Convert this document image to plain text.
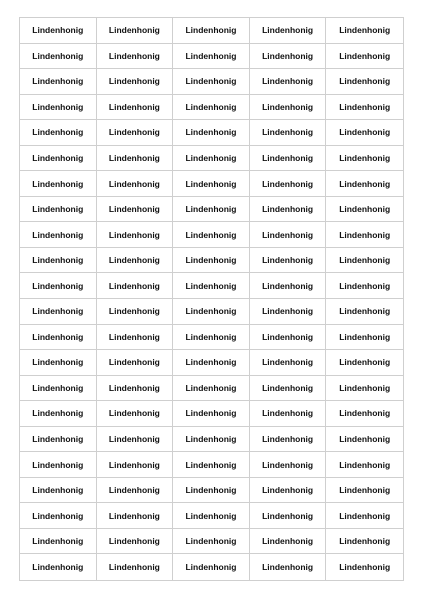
Lindenhonig	Lindenhonig	Lindenhonig	Lindenhonig	Lindenhonig
Lindenhonig	Lindenhonig	Lindenhonig	Lindenhonig	Lindenhonig
Lindenhonig	Lindenhonig	Lindenhonig	Lindenhonig	Lindenhonig
Lindenhonig	Lindenhonig	Lindenhonig	Lindenhonig	Lindenhonig
Lindenhonig	Lindenhonig	Lindenhonig	Lindenhonig	Lindenhonig
Lindenhonig	Lindenhonig	Lindenhonig	Lindenhonig	Lindenhonig
Lindenhonig	Lindenhonig	Lindenhonig	Lindenhonig	Lindenhonig
Lindenhonig	Lindenhonig	Lindenhonig	Lindenhonig	Lindenhonig
Lindenhonig	Lindenhonig	Lindenhonig	Lindenhonig	Lindenhonig
Lindenhonig	Lindenhonig	Lindenhonig	Lindenhonig	Lindenhonig
Lindenhonig	Lindenhonig	Lindenhonig	Lindenhonig	Lindenhonig
Lindenhonig	Lindenhonig	Lindenhonig	Lindenhonig	Lindenhonig
Lindenhonig	Lindenhonig	Lindenhonig	Lindenhonig	Lindenhonig
Lindenhonig	Lindenhonig	Lindenhonig	Lindenhonig	Lindenhonig
Lindenhonig	Lindenhonig	Lindenhonig	Lindenhonig	Lindenhonig
Lindenhonig	Lindenhonig	Lindenhonig	Lindenhonig	Lindenhonig
Lindenhonig	Lindenhonig	Lindenhonig	Lindenhonig	Lindenhonig
Lindenhonig	Lindenhonig	Lindenhonig	Lindenhonig	Lindenhonig
Lindenhonig	Lindenhonig	Lindenhonig	Lindenhonig	Lindenhonig
Lindenhonig	Lindenhonig	Lindenhonig	Lindenhonig	Lindenhonig
Lindenhonig	Lindenhonig	Lindenhonig	Lindenhonig	Lindenhonig
Lindenhonig	Lindenhonig	Lindenhonig	Lindenhonig	Lindenhonig
